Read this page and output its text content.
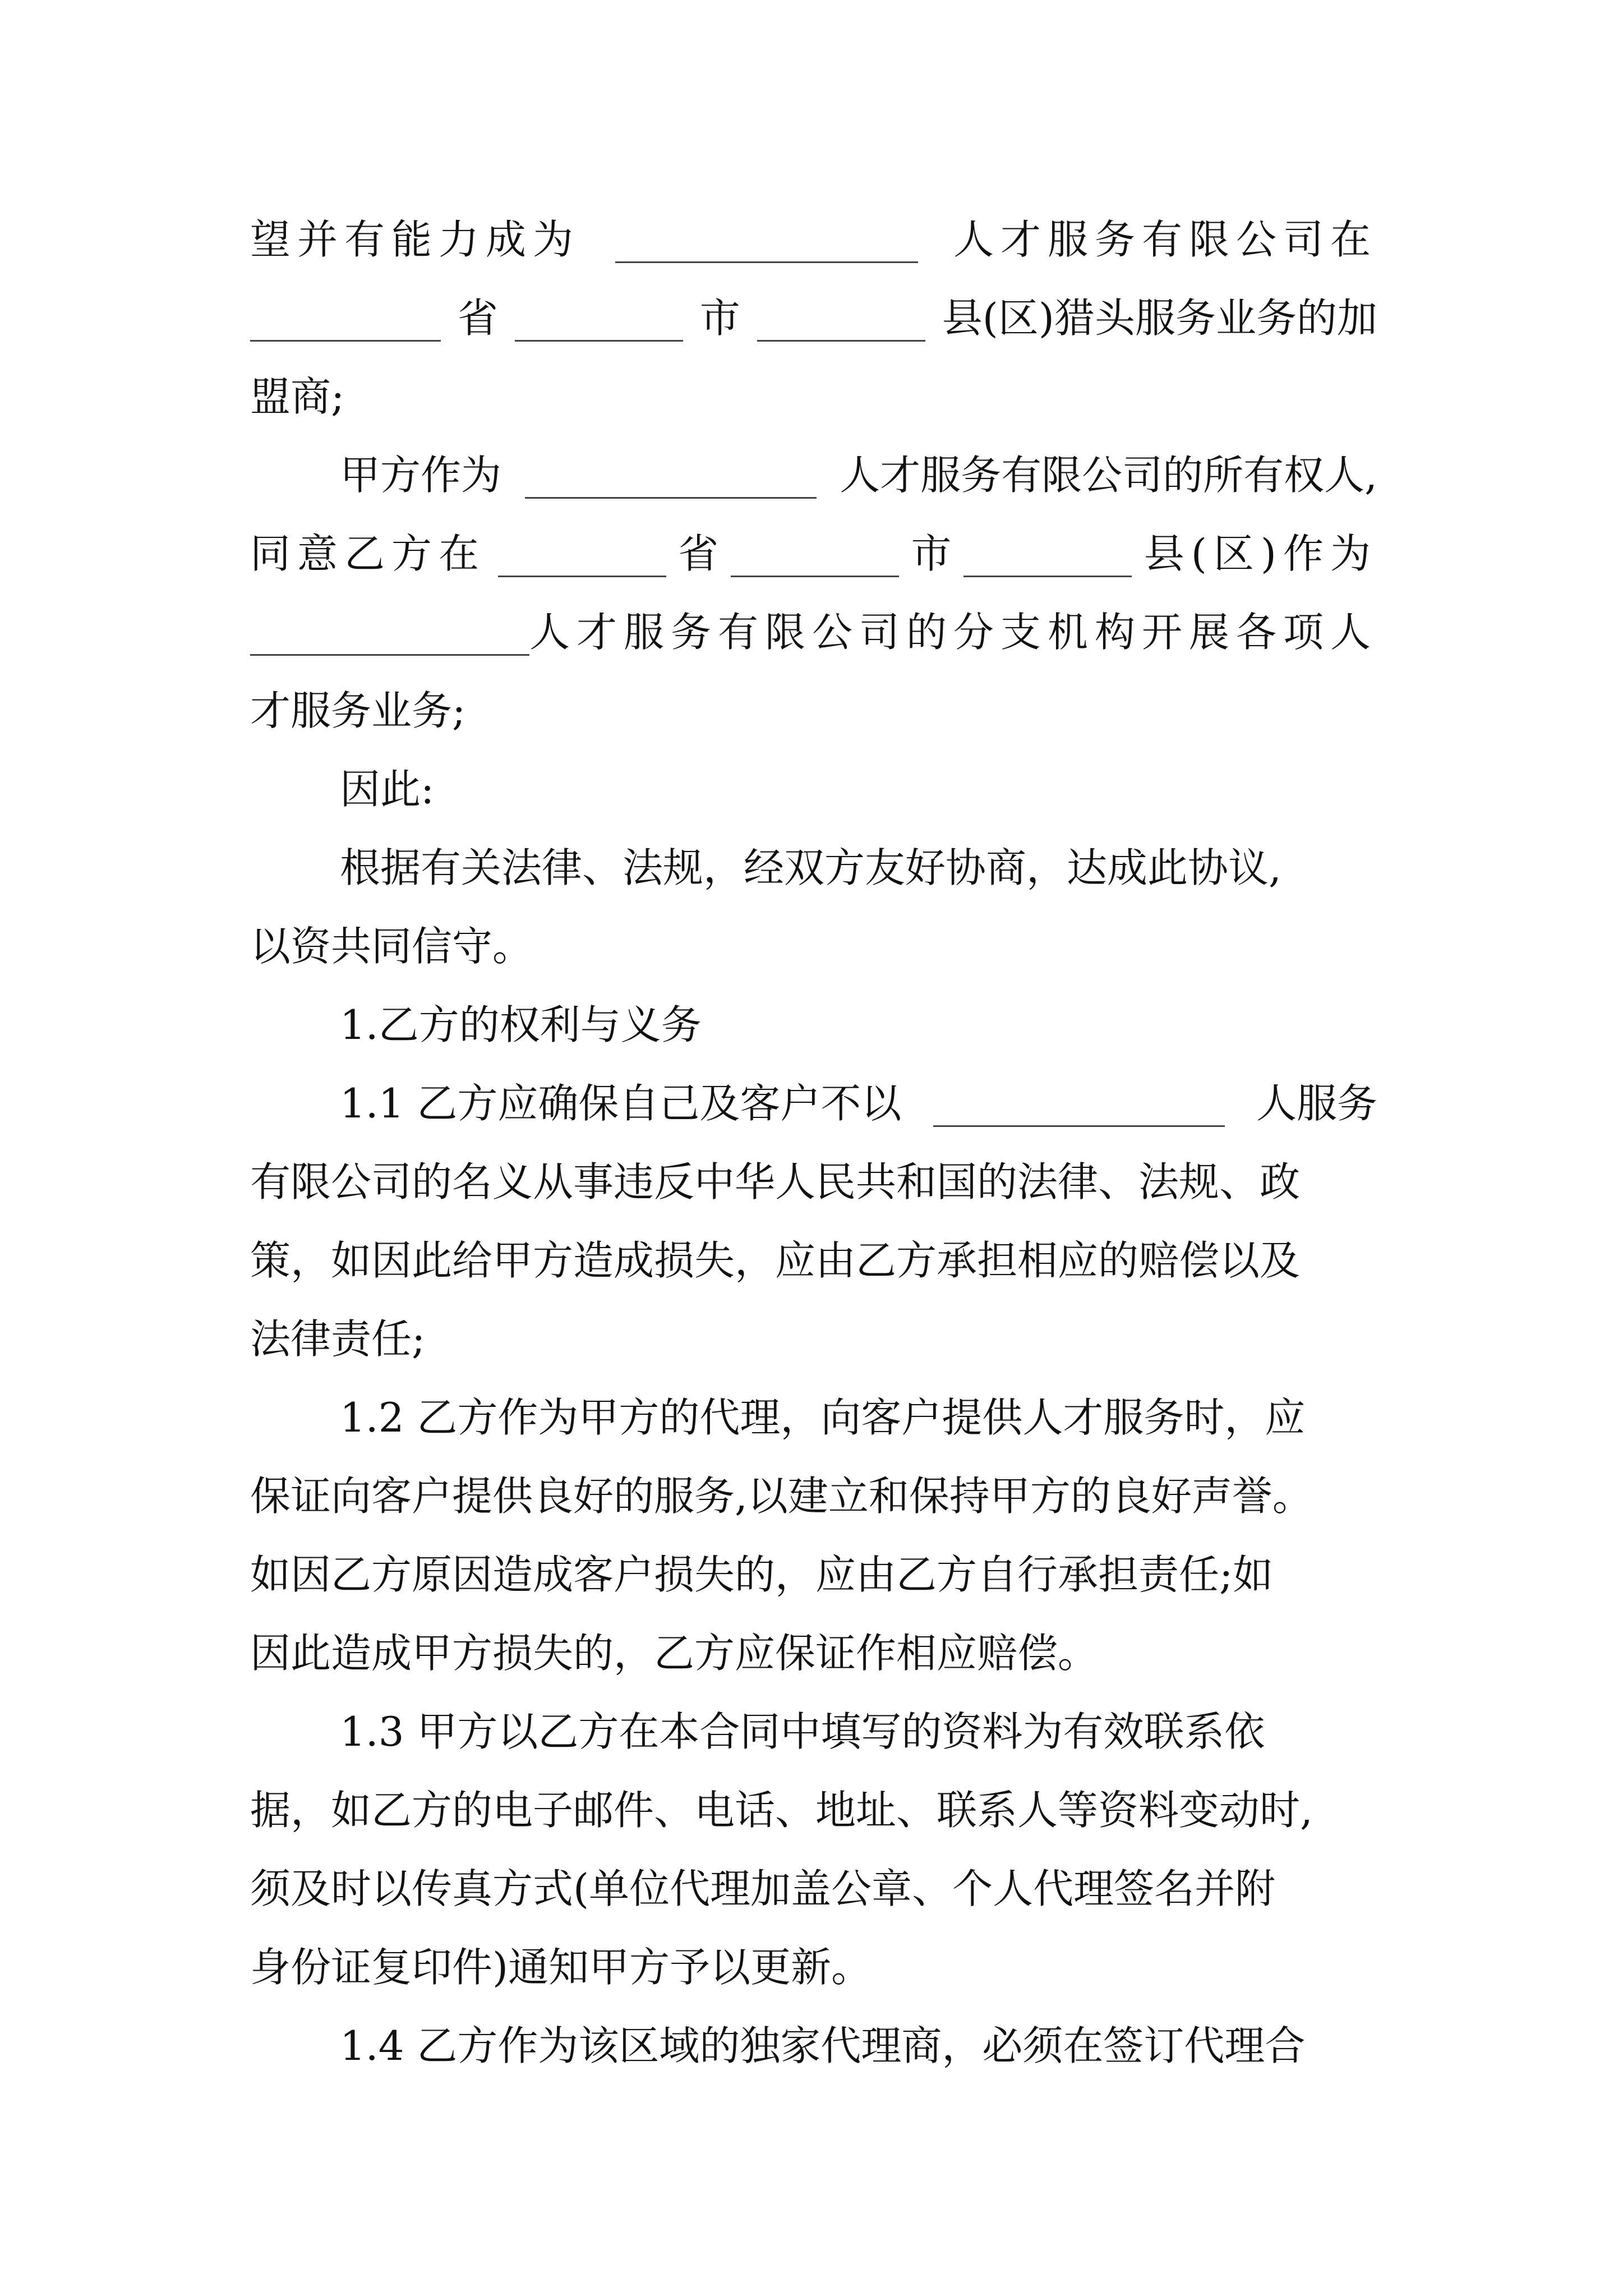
望并有能力成为	人才服务有限公司在
省	市	县(区)猎头服务业务的加
盟商;
甲方作为	人才服务有限公司的所有权人,
同意乙方在	省	市	县(区)作为
人才服务有限公司的分支机构开展各项人
才服务业务;
因此:
根据有关法律、法规，经双方友好协商，达成此协议,
以资共同信守。
1.乙方的权利与义务
1.1 乙方应确保自己及客户不以	人服务
有限公司的名义从事违反中华人民共和国的法律、法规、政
策，如因此给甲方造成损失，应由乙方承担相应的赔偿以及
法律责任;
1.2 乙方作为甲方的代理，向客户提供人才服务时，应
保证向客户提供良好的服务,以建立和保持甲方的良好声誉。
如因乙方原因造成客户损失的，应由乙方自行承担责任;如
因此造成甲方损失的，乙方应保证作相应赔偿。
1.3 甲方以乙方在本合同中填写的资料为有效联系依
据，如乙方的电子邮件、电话、地址、联系人等资料变动时,
须及时以传真方式(单位代理加盖公章、个人代理签名并附
身份证复印件)通知甲方予以更新。
1.4 乙方作为该区域的独家代理商，必须在签订代理合
